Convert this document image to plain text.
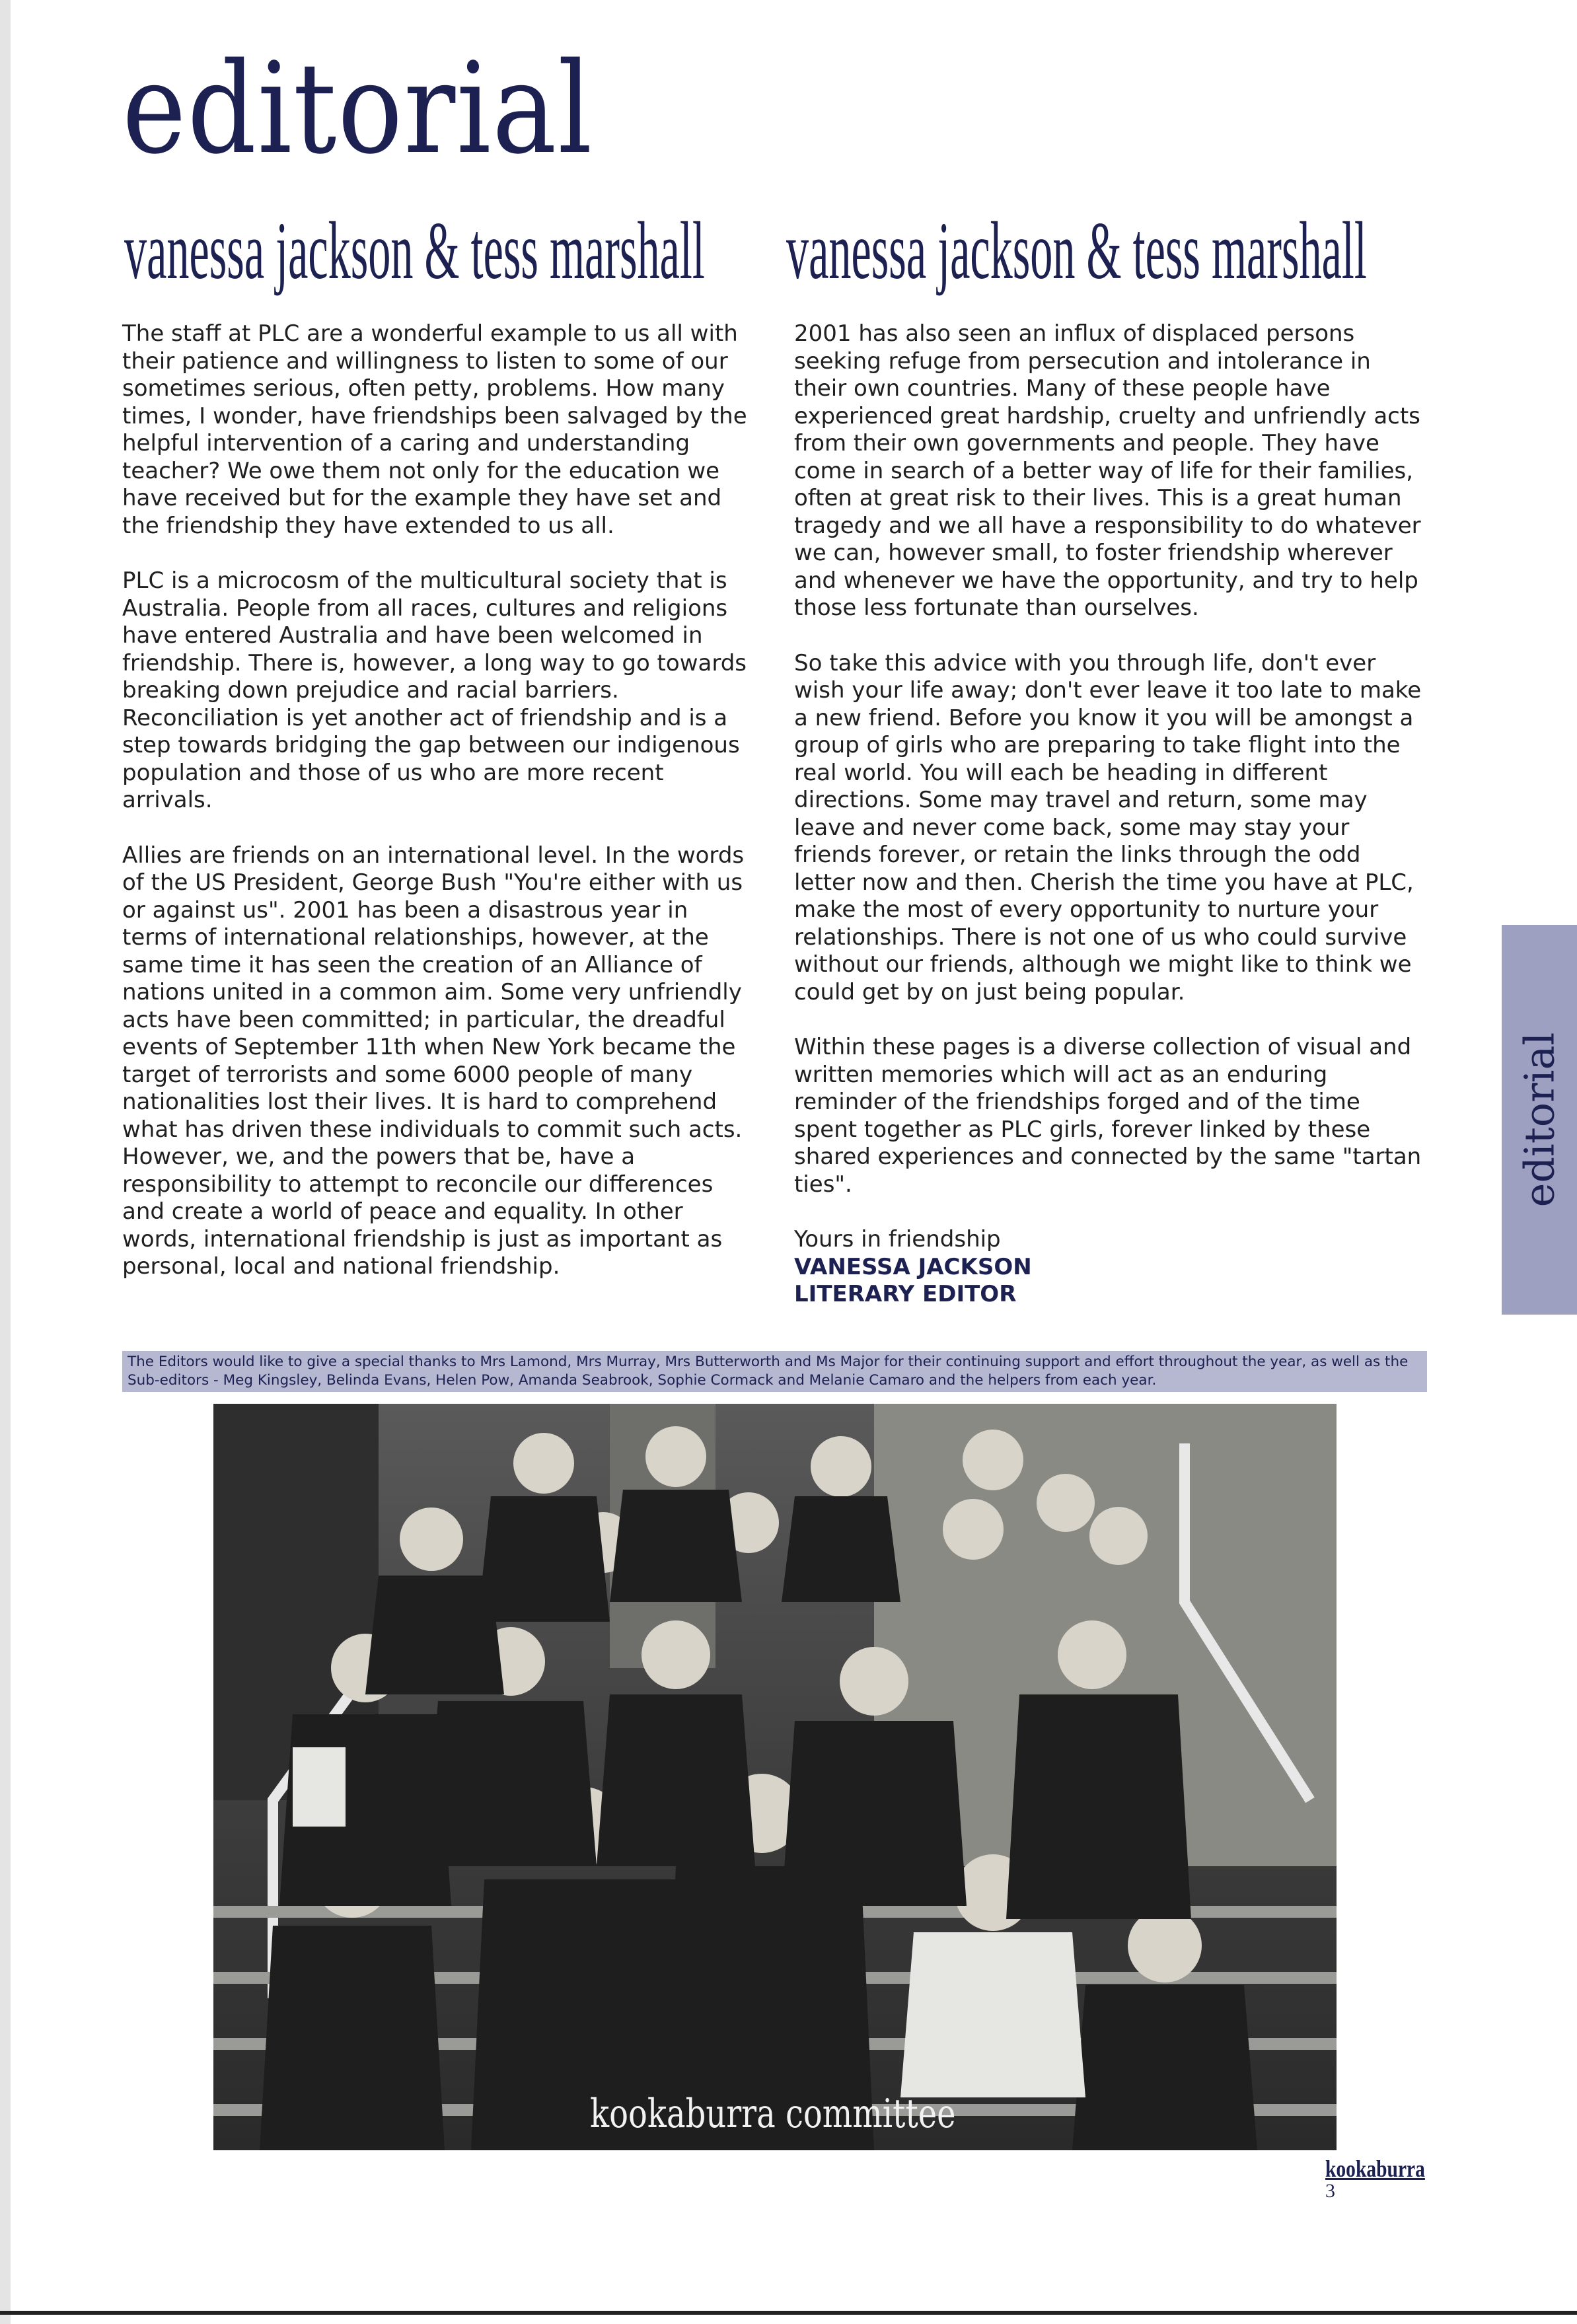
editorial
vanessa jackson & tess marshall vanessa jackson & tess marshall

The staff at PLC are a wonderful example to us all with their patience and willingness to listen to some of our sometimes serious, often petty, problems. How many times, I wonder, have friendships been salvaged by the helpful intervention of a caring and understanding teacher? We owe them not only for the education we have received but for the example they have set and the friendship they have extended to us all.

PLC is a microcosm of the multicultural society that is Australia. People from all races, cultures and religions have entered Australia and have been welcomed in friendship. There is, however, a long way to go towards breaking down prejudice and racial barriers. Reconciliation is yet another act of friendship and is a step towards bridging the gap between our indigenous population and those of us who are more recent arrivals.

Allies are friends on an international level. In the words of the US President, George Bush "You're either with us or against us". 2001 has been a disastrous year in terms of international relationships, however, at the same time it has seen the creation of an Alliance of nations united in a common aim. Some very unfriendly acts have been committed; in particular, the dreadful events of September 11th when New York became the target of terrorists and some 6000 people of many nationalities lost their lives. It is hard to comprehend what has driven these individuals to commit such acts. However, we, and the powers that be, have a responsibility to attempt to reconcile our differences and create a world of peace and equality. In other words, international friendship is just as important as personal, local and national friendship.

2001 has also seen an influx of displaced persons seeking refuge from persecution and intolerance in their own countries. Many of these people have experienced great hardship, cruelty and unfriendly acts from their own governments and people. They have come in search of a better way of life for their families, often at great risk to their lives. This is a great human tragedy and we all have a responsibility to do whatever we can, however small, to foster friendship wherever and whenever we have the opportunity, and try to help those less fortunate than ourselves.

So take this advice with you through life, don't ever wish your life away; don't ever leave it too late to make a new friend. Before you know it you will be amongst a group of girls who are preparing to take flight into the real world. You will each be heading in different directions. Some may travel and return, some may leave and never come back, some may stay your friends forever, or retain the links through the odd letter now and then. Cherish the time you have at PLC, make the most of every opportunity to nurture your relationships. There is not one of us who could survive without our friends, although we might like to think we could get by on just being popular.

Within these pages is a diverse collection of visual and written memories which will act as an enduring reminder of the friendships forged and of the time spent together as PLC girls, forever linked by these shared experiences and connected by the same "tartan ties".

Yours in friendship
VANESSA JACKSON
LITERARY EDITOR
editorial
The Editors would like to give a special thanks to Mrs Lamond, Mrs Murray, Mrs Butterworth and Ms Major for their continuing support and effort throughout the year, as well as the Sub-editors - Meg Kingsley, Belinda Evans, Helen Pow, Amanda Seabrook, Sophie Cormack and Melanie Camaro and the helpers from each year.
kookaburra committee
kookaburra
3
